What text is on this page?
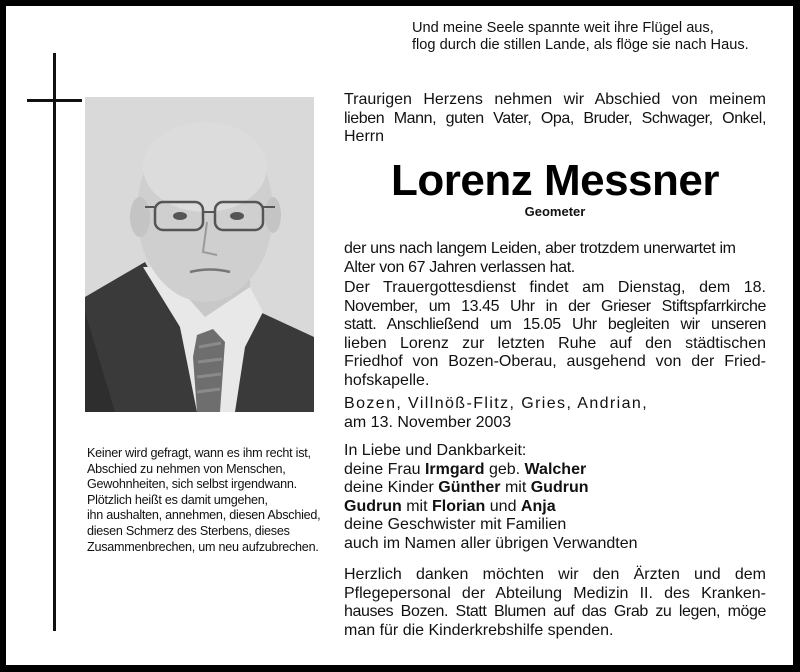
Und meine Seele spannte weit ihre Flügel aus,
flog durch die stillen Lande, als flöge sie nach Haus.
Keiner wird gefragt, wann es ihm recht ist,
Abschied zu nehmen von Menschen,
Gewohnheiten, sich selbst irgendwann.
Plötzlich heißt es damit umgehen,
ihn aushalten, annehmen, diesen Abschied,
diesen Schmerz des Sterbens, dieses
Zusammenbrechen, um neu aufzubrechen.
Traurigen Herzens nehmen wir Abschied von meinem
lieben Mann, guten Vater, Opa, Bruder, Schwager, Onkel,
Herrn
Lorenz Messner
Geometer
der uns nach langem Leiden, aber trotzdem unerwartet im
Alter von 67 Jahren verlassen hat.
Der Trauergottesdienst findet am Dienstag, dem 18.
November, um 13.45 Uhr in der Grieser Stiftspfarrkirche
statt. Anschließend um 15.05 Uhr begleiten wir unseren
lieben Lorenz zur letzten Ruhe auf den städtischen
Friedhof von Bozen-Oberau, ausgehend von der Fried-
hofskapelle.
Bozen, Villnöß-Flitz, Gries, Andrian,
am 13. November 2003
In Liebe und Dankbarkeit:
deine Frau Irmgard geb. Walcher
deine Kinder Günther mit Gudrun
Gudrun mit Florian und Anja
deine Geschwister mit Familien
auch im Namen aller übrigen Verwandten
Herzlich danken möchten wir den Ärzten und dem
Pflegepersonal der Abteilung Medizin II. des Kranken-
hauses Bozen. Statt Blumen auf das Grab zu legen, möge
man für die Kinderkrebshilfe spenden.
